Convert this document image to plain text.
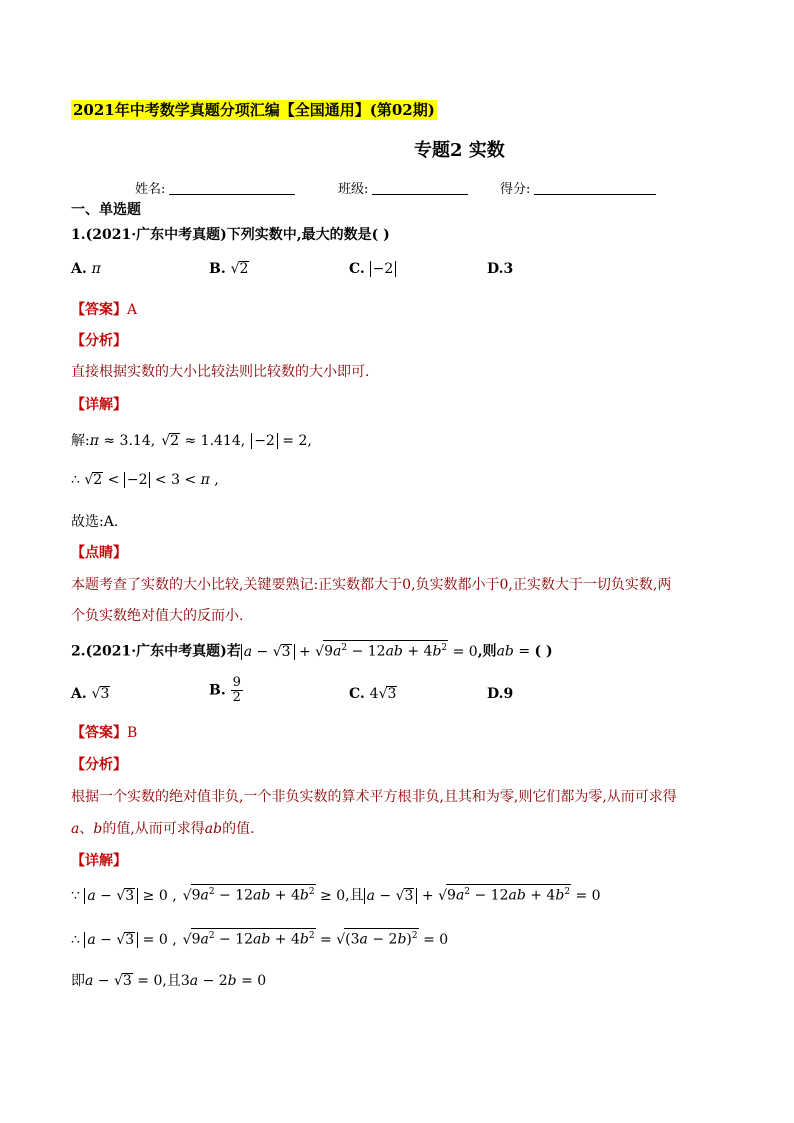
2021年中考数学真题分项汇编【全国通用】(第02期)
专题2 实数
姓名:	班级:	得分:
一、单选题
1.(2021·广东中考真题)下列实数中,最大的数是( )
A. π	B. √2	C. −2	D.3
【答案】A
【分析】
直接根据实数的大小比较法则比较数的大小即可.
【详解】
解:π ≈ 3.14, √2 ≈ 1.414, −2 = 2,
∴ √2 < −2 < 3 < π ,
故选:A.
【点睛】
本题考查了实数的大小比较,关键要熟记:正实数都大于0,负实数都小于0,正实数大于一切负实数,两
个负实数绝对值大的反而小.
2.(2021·广东中考真题)若 $a - √3 + √9a^2 - 12ab + 4b^2 = 0$,则ab = ( )
A. √3	B. $\frac{9}{2}$	C. 4√3	D.9
【答案】B
【分析】
根据一个实数的绝对值非负,一个非负实数的算术平方根非负,且其和为零,则它们都为零,从而可求得
a、b的值,从而可求得ab的值.
【详解】
∵ a − √3 ≥ 0 , $√9a^2 - 12ab + 4b^2 \ge 0$,且 $a - √3 + √9a^2 - 12ab + 4b^2 = 0$
∴ a − √3 = 0 , $√9a^2 - 12ab + 4b^2 = √(3a - 2b)^2 = 0$
即a − √3 = 0,且3a − 2b = 0
